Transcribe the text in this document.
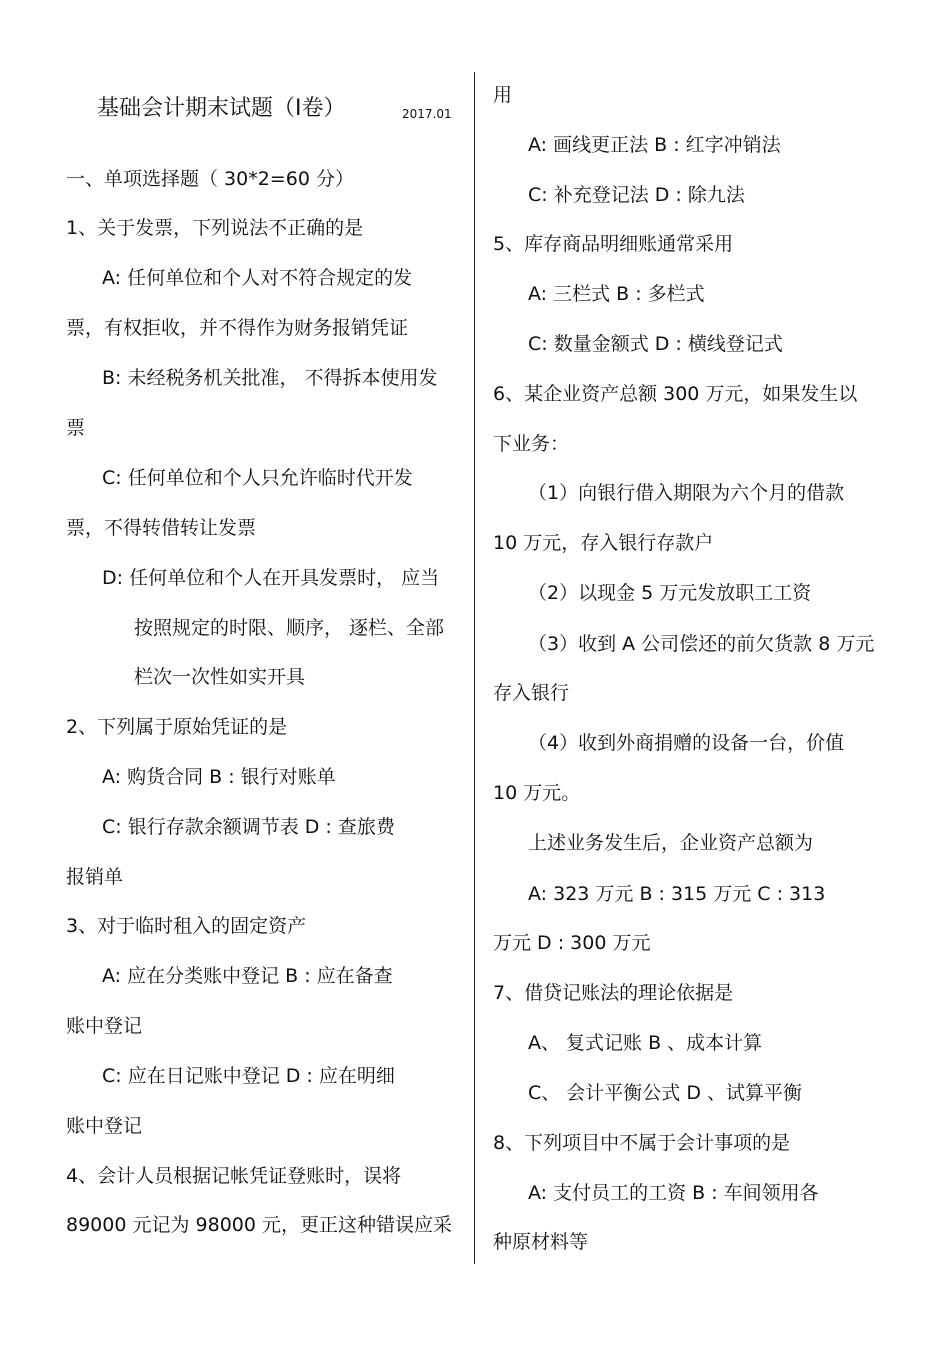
基础会计期末试题（Ⅰ卷）	2017.01
一、单项选择题（ 30*2=60 分）
1、关于发票，下列说法不正确的是
A: 任何单位和个人对不符合规定的发
票，有权拒收，并不得作为财务报销凭证
B: 未经税务机关批准， 不得拆本使用发
票
C: 任何单位和个人只允许临时代开发
票，不得转借转让发票
D: 任何单位和个人在开具发票时， 应当
按照规定的时限、顺序， 逐栏、全部
栏次一次性如实开具
2、下列属于原始凭证的是
A: 购货合同 B : 银行对账单
C: 银行存款余额调节表 D : 查旅费
报销单
3、对于临时租入的固定资产
A: 应在分类账中登记 B : 应在备查
账中登记
C: 应在日记账中登记 D : 应在明细
账中登记
4、会计人员根据记帐凭证登账时，误将
89000 元记为 98000 元，更正这种错误应采
用
A: 画线更正法 B : 红字冲销法
C: 补充登记法 D : 除九法
5、库存商品明细账通常采用
A: 三栏式 B : 多栏式
C: 数量金额式 D : 横线登记式
6、某企业资产总额 300 万元，如果发生以
下业务：
（1）向银行借入期限为六个月的借款
10 万元，存入银行存款户
（2）以现金 5 万元发放职工工资
（3）收到 A 公司偿还的前欠货款 8 万元
存入银行
（4）收到外商捐赠的设备一台，价值
10 万元。
上述业务发生后，企业资产总额为
A: 323 万元 B : 315 万元 C : 313
万元 D : 300 万元
7、借贷记账法的理论依据是
A、 复式记账 B 、成本计算
C、 会计平衡公式 D 、试算平衡
8、下列项目中不属于会计事项的是
A: 支付员工的工资 B : 车间领用各
种原材料等
